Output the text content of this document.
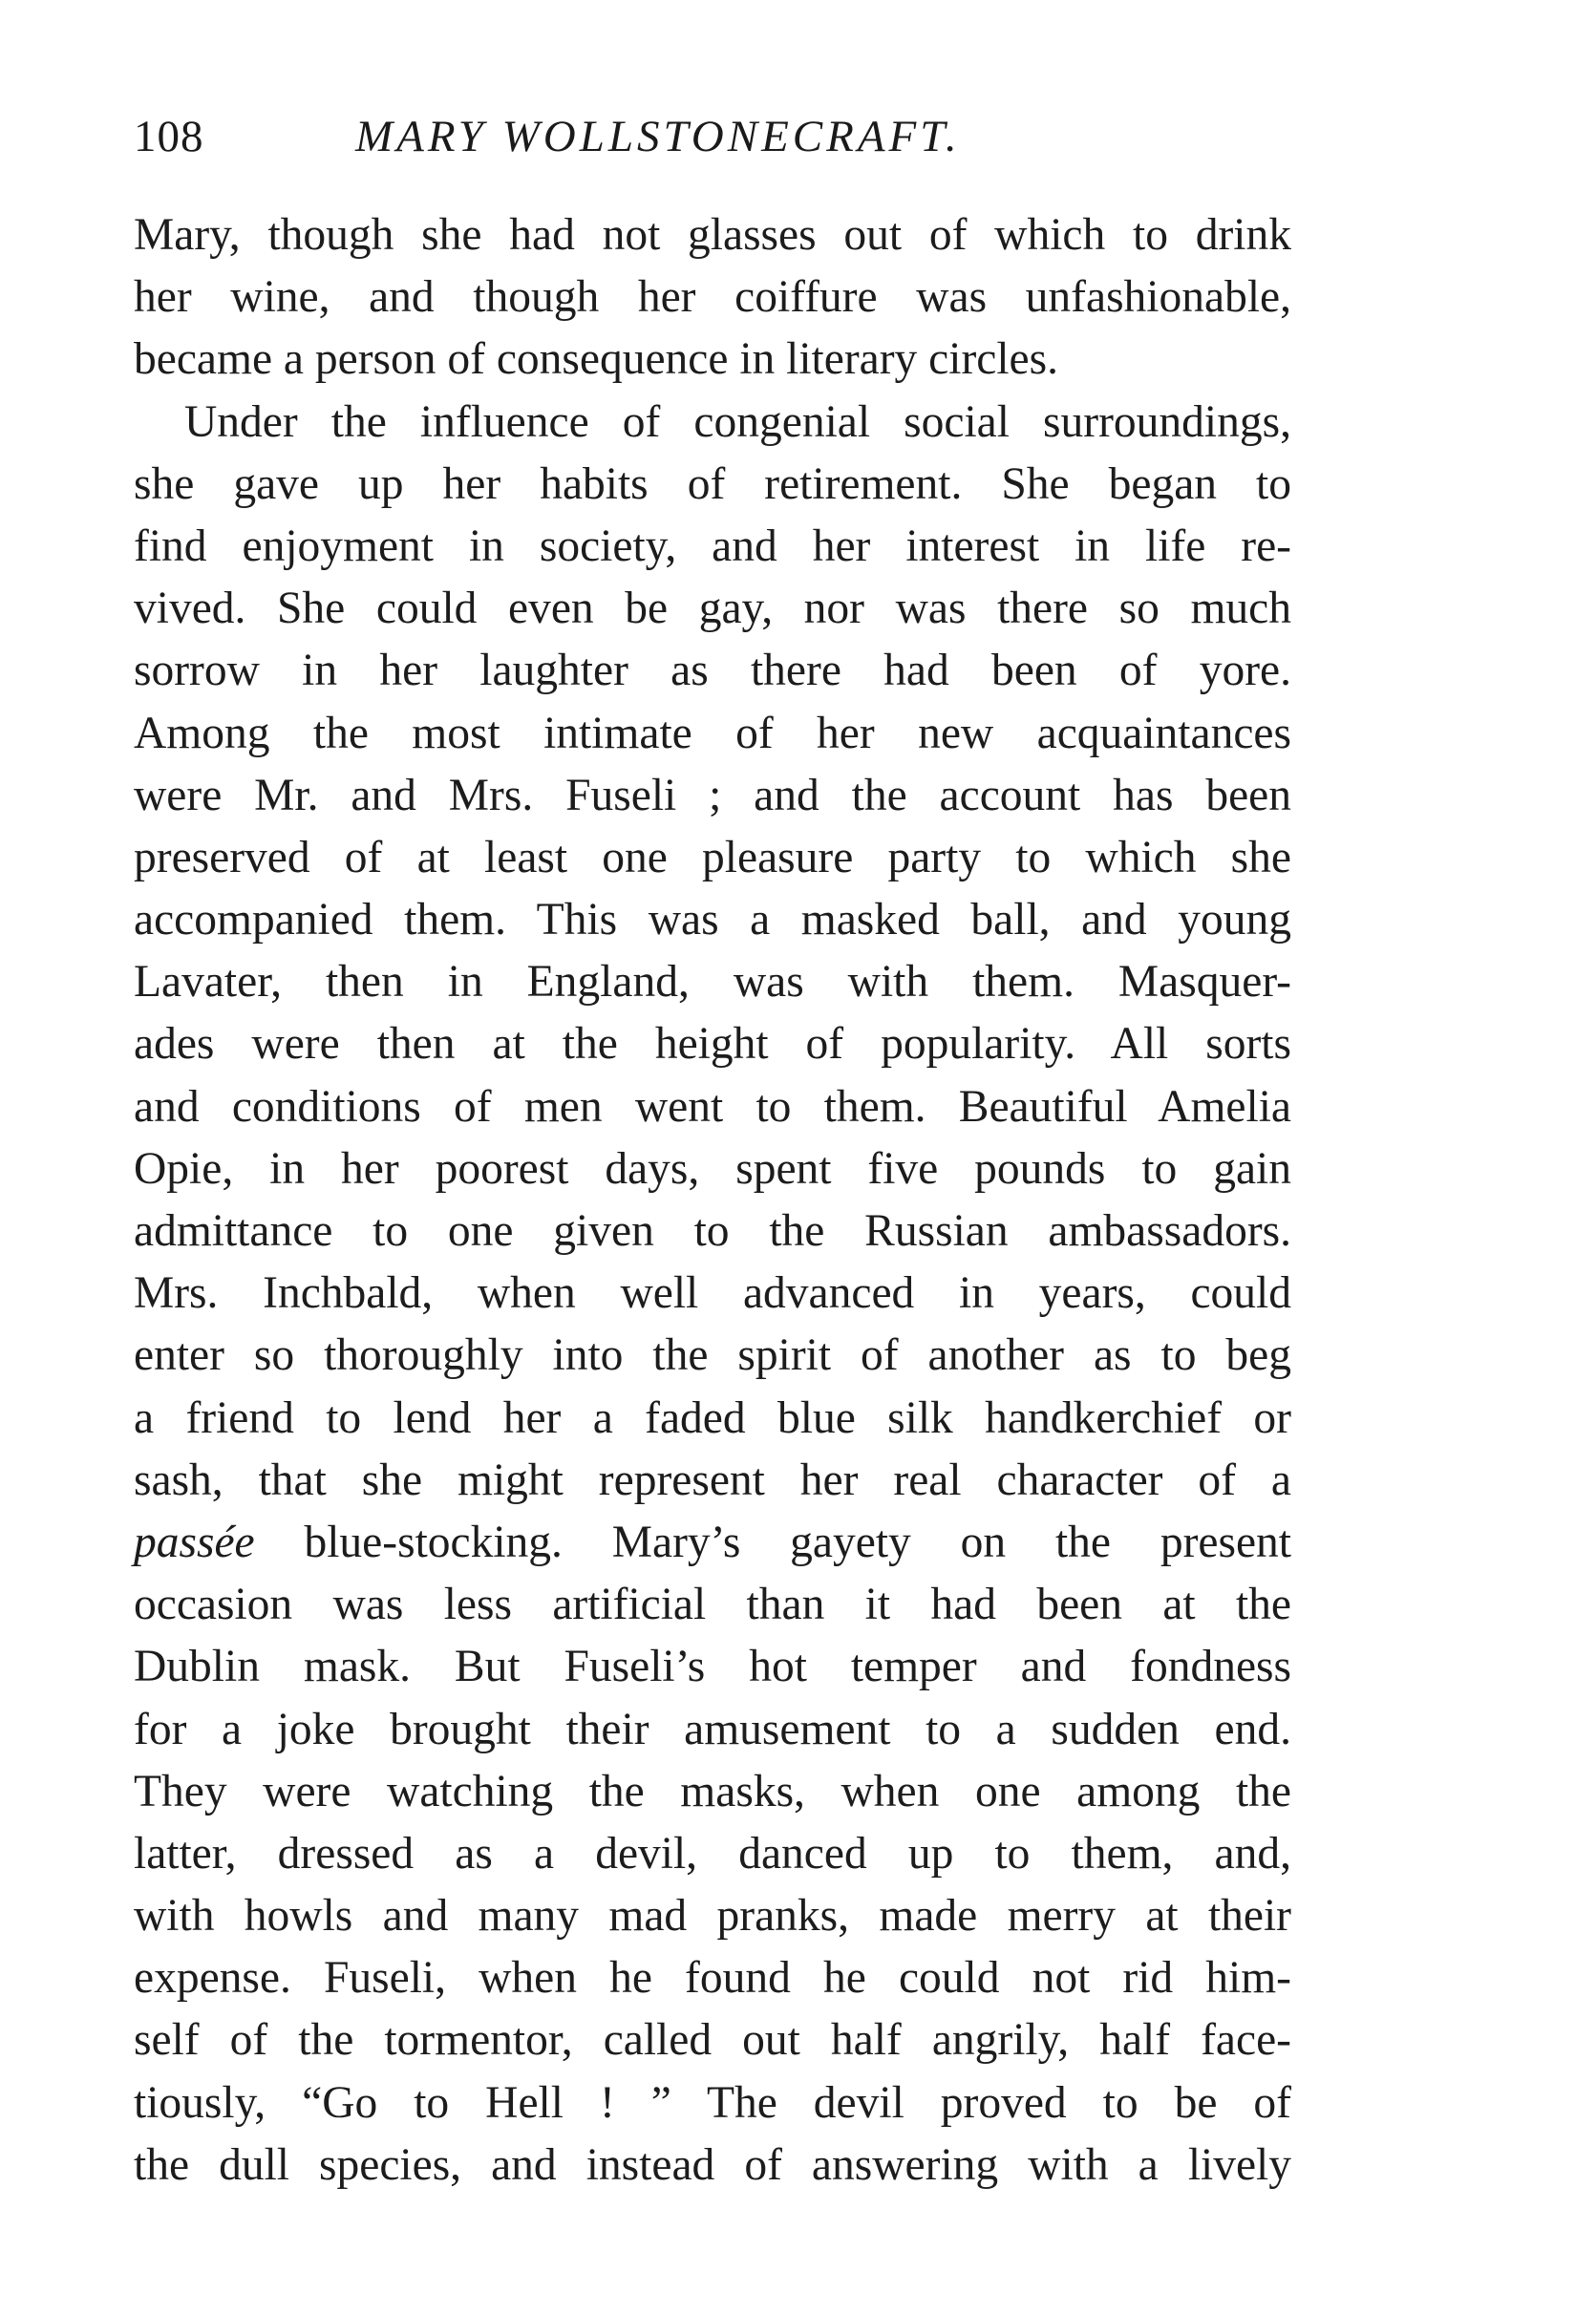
108	MARY WOLLSTONECRAFT.
Mary, though she had not glasses out of which to drink
her wine, and though her coiffure was unfashionable,
became a person of consequence in literary circles.
Under the influence of congenial social surroundings,
she gave up her habits of retirement. She began to
find enjoyment in society, and her interest in life re-
vived. She could even be gay, nor was there so much
sorrow in her laughter as there had been of yore.
Among the most intimate of her new acquaintances
were Mr. and Mrs. Fuseli ; and the account has been
preserved of at least one pleasure party to which she
accompanied them. This was a masked ball, and young
Lavater, then in England, was with them. Masquer-
ades were then at the height of popularity. All sorts
and conditions of men went to them. Beautiful Amelia
Opie, in her poorest days, spent five pounds to gain
admittance to one given to the Russian ambassadors.
Mrs. Inchbald, when well advanced in years, could
enter so thoroughly into the spirit of another as to beg
a friend to lend her a faded blue silk handkerchief or
sash, that she might represent her real character of a
passée blue-stocking. Mary’s gayety on the present
occasion was less artificial than it had been at the
Dublin mask. But Fuseli’s hot temper and fondness
for a joke brought their amusement to a sudden end.
They were watching the masks, when one among the
latter, dressed as a devil, danced up to them, and,
with howls and many mad pranks, made merry at their
expense. Fuseli, when he found he could not rid him-
self of the tormentor, called out half angrily, half face-
tiously, “Go to Hell ! ” The devil proved to be of
the dull species, and instead of answering with a lively
